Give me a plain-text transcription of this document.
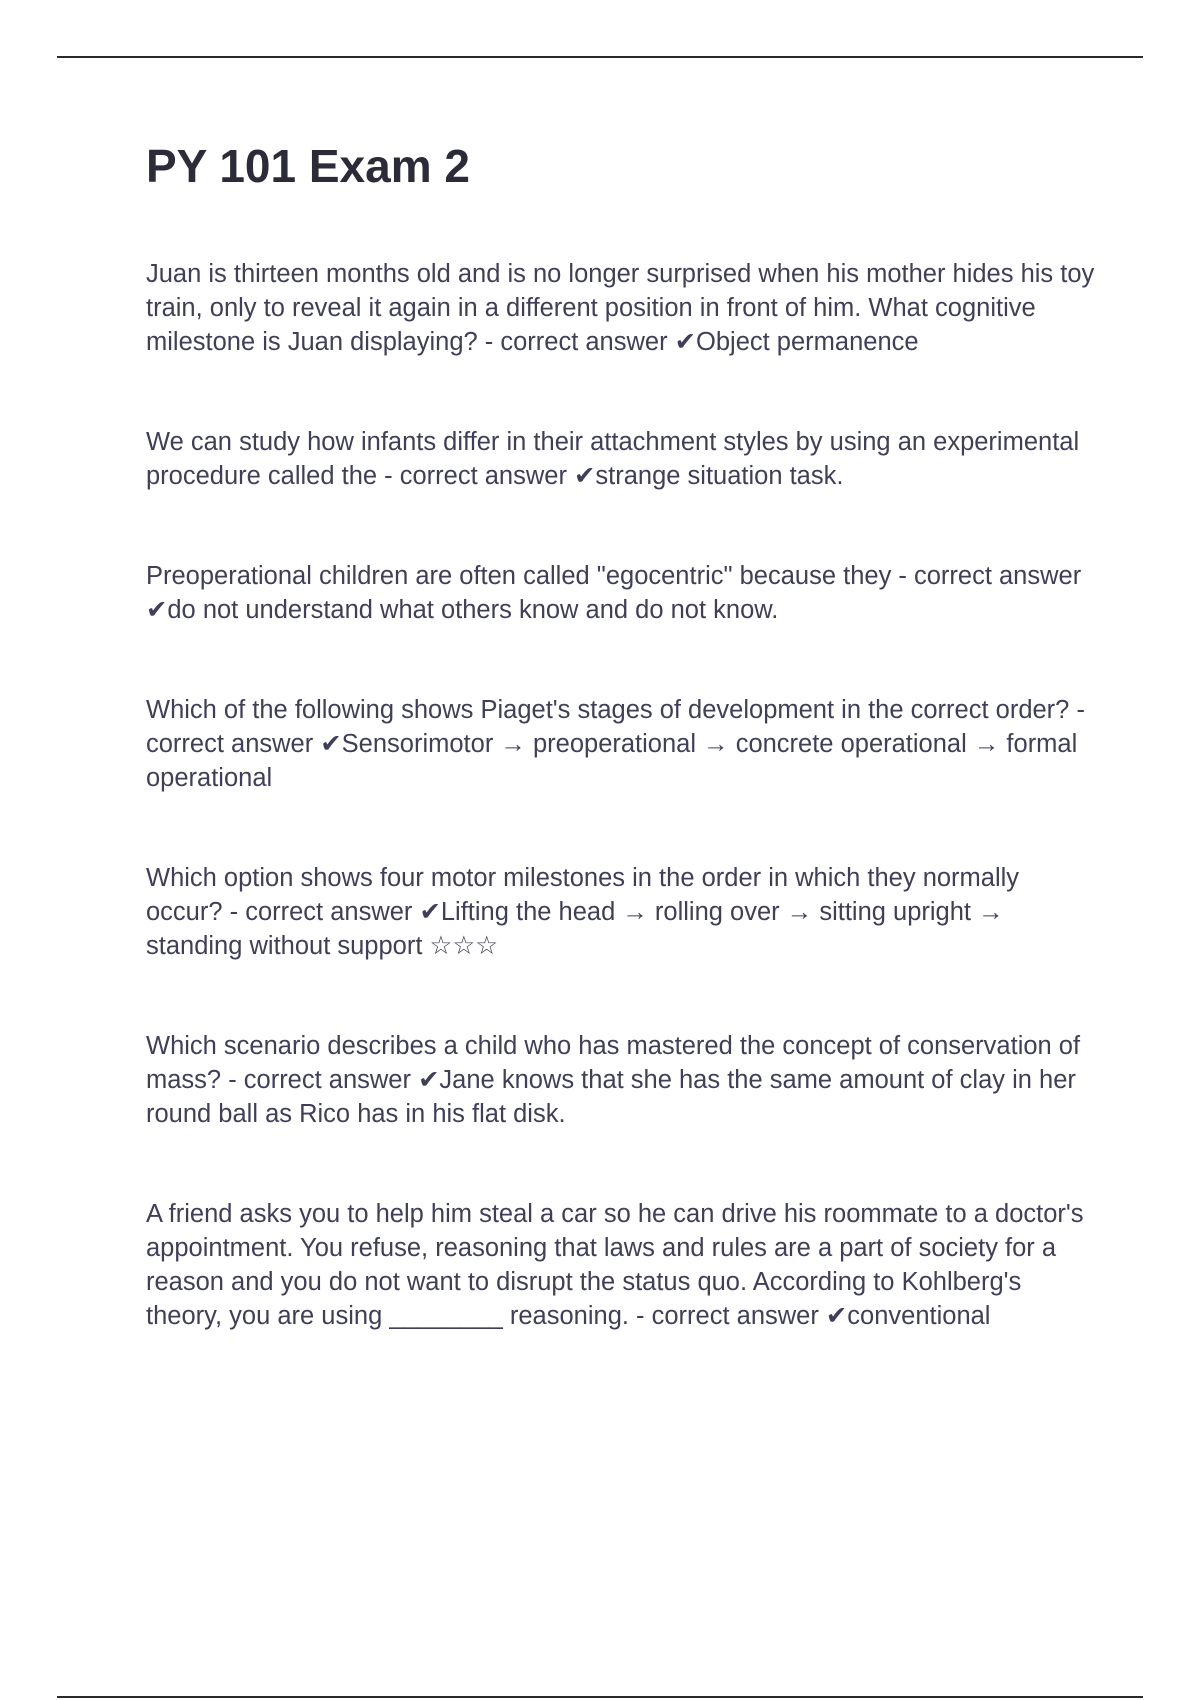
PY 101 Exam 2

Juan is thirteen months old and is no longer surprised when his mother hides his toy train, only to reveal it again in a different position in front of him. What cognitive milestone is Juan displaying? - correct answer ✔Object permanence

We can study how infants differ in their attachment styles by using an experimental procedure called the - correct answer ✔strange situation task.

Preoperational children are often called "egocentric" because they - correct answer ✔do not understand what others know and do not know.

Which of the following shows Piaget's stages of development in the correct order? - correct answer ✔Sensorimotor → preoperational → concrete operational → formal operational

Which option shows four motor milestones in the order in which they normally occur? - correct answer ✔Lifting the head → rolling over → sitting upright → standing without support ☆☆☆

Which scenario describes a child who has mastered the concept of conservation of mass? - correct answer ✔Jane knows that she has the same amount of clay in her round ball as Rico has in his flat disk.

A friend asks you to help him steal a car so he can drive his roommate to a doctor's appointment. You refuse, reasoning that laws and rules are a part of society for a reason and you do not want to disrupt the status quo. According to Kohlberg's theory, you are using ________ reasoning. - correct answer ✔conventional
